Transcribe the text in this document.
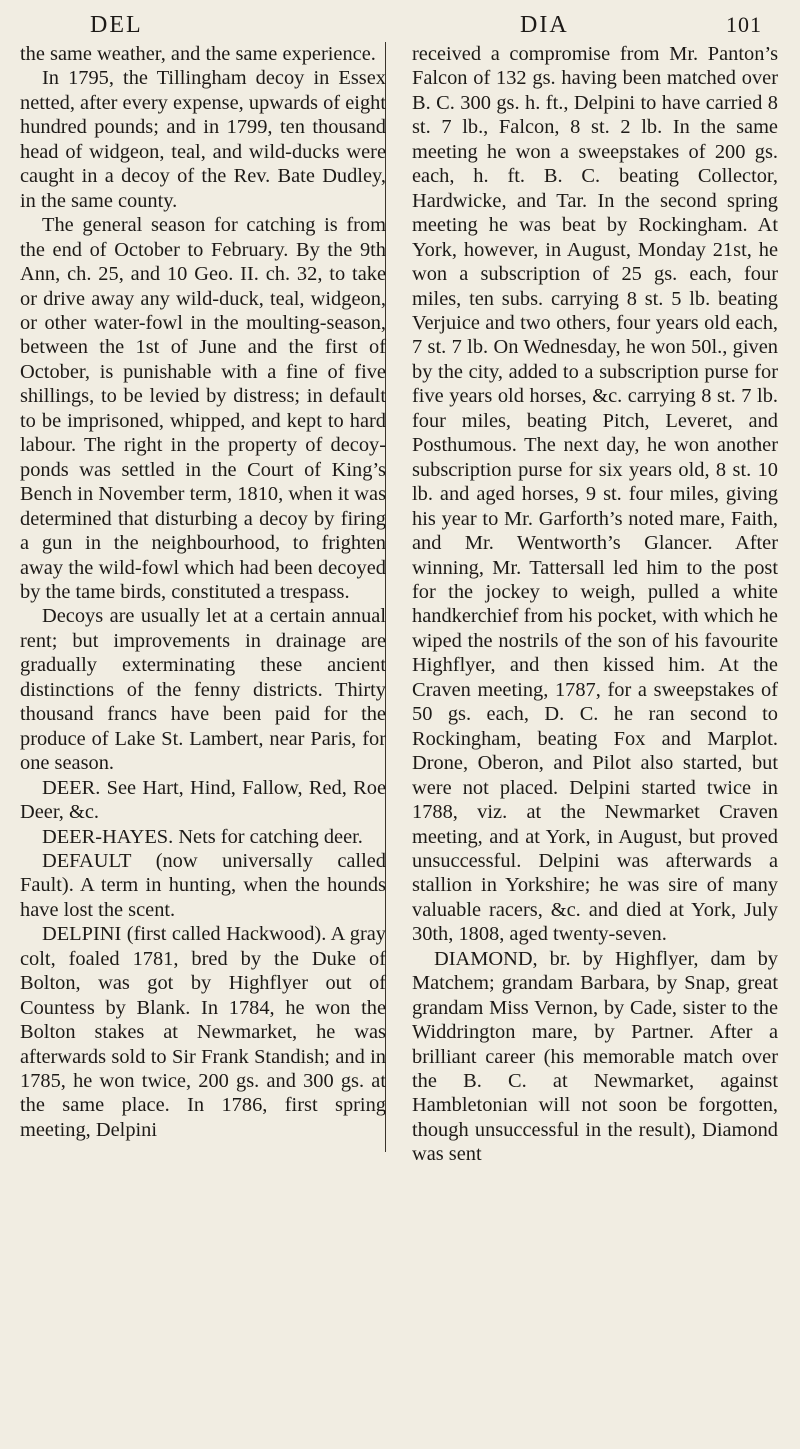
DEL	DIA	101

the same weather, and the same experience.

In 1795, the Tillingham decoy in Essex netted, after every expense, upwards of eight hundred pounds; and in 1799, ten thousand head of widgeon, teal, and wild-ducks were caught in a decoy of the Rev. Bate Dudley, in the same county.

The general season for catching is from the end of October to February. By the 9th Ann, ch. 25, and 10 Geo. II. ch. 32, to take or drive away any wild-duck, teal, widgeon, or other water-fowl in the moulting-season, between the 1st of June and the first of October, is punishable with a fine of five shillings, to be levied by distress; in default to be imprisoned, whipped, and kept to hard labour. The right in the property of decoy-ponds was settled in the Court of King’s Bench in November term, 1810, when it was determined that disturbing a decoy by firing a gun in the neighbourhood, to frighten away the wild-fowl which had been decoyed by the tame birds, constituted a trespass.

Decoys are usually let at a certain annual rent; but improvements in drainage are gradually exterminating these ancient distinctions of the fenny districts. Thirty thousand francs have been paid for the produce of Lake St. Lambert, near Paris, for one season.

DEER. See Hart, Hind, Fallow, Red, Roe Deer, &c.

DEER-HAYES. Nets for catching deer.

DEFAULT (now universally called Fault). A term in hunting, when the hounds have lost the scent.

DELPINI (first called Hackwood). A gray colt, foaled 1781, bred by the Duke of Bolton, was got by Highflyer out of Countess by Blank. In 1784, he won the Bolton stakes at Newmarket, he was afterwards sold to Sir Frank Standish; and in 1785, he won twice, 200 gs. and 300 gs. at the same place. In 1786, first spring meeting, Delpini

received a compromise from Mr. Panton’s Falcon of 132 gs. having been matched over B. C. 300 gs. h. ft., Delpini to have carried 8 st. 7 lb., Falcon, 8 st. 2 lb. In the same meeting he won a sweepstakes of 200 gs. each, h. ft. B. C. beating Collector, Hardwicke, and Tar. In the second spring meeting he was beat by Rockingham. At York, however, in August, Monday 21st, he won a subscription of 25 gs. each, four miles, ten subs. carrying 8 st. 5 lb. beating Verjuice and two others, four years old each, 7 st. 7 lb. On Wednesday, he won 50l., given by the city, added to a subscription purse for five years old horses, &c. carrying 8 st. 7 lb. four miles, beating Pitch, Leveret, and Posthumous. The next day, he won another subscription purse for six years old, 8 st. 10 lb. and aged horses, 9 st. four miles, giving his year to Mr. Garforth’s noted mare, Faith, and Mr. Wentworth’s Glancer. After winning, Mr. Tattersall led him to the post for the jockey to weigh, pulled a white handkerchief from his pocket, with which he wiped the nostrils of the son of his favourite Highflyer, and then kissed him. At the Craven meeting, 1787, for a sweepstakes of 50 gs. each, D. C. he ran second to Rockingham, beating Fox and Marplot. Drone, Oberon, and Pilot also started, but were not placed. Delpini started twice in 1788, viz. at the Newmarket Craven meeting, and at York, in August, but proved unsuccessful. Delpini was afterwards a stallion in Yorkshire; he was sire of many valuable racers, &c. and died at York, July 30th, 1808, aged twenty-seven.

DIAMOND, br. by Highflyer, dam by Matchem; grandam Barbara, by Snap, great grandam Miss Vernon, by Cade, sister to the Widdrington mare, by Partner. After a brilliant career (his memorable match over the B. C. at Newmarket, against Hambletonian will not soon be forgotten, though unsuccessful in the result), Diamond was sent
